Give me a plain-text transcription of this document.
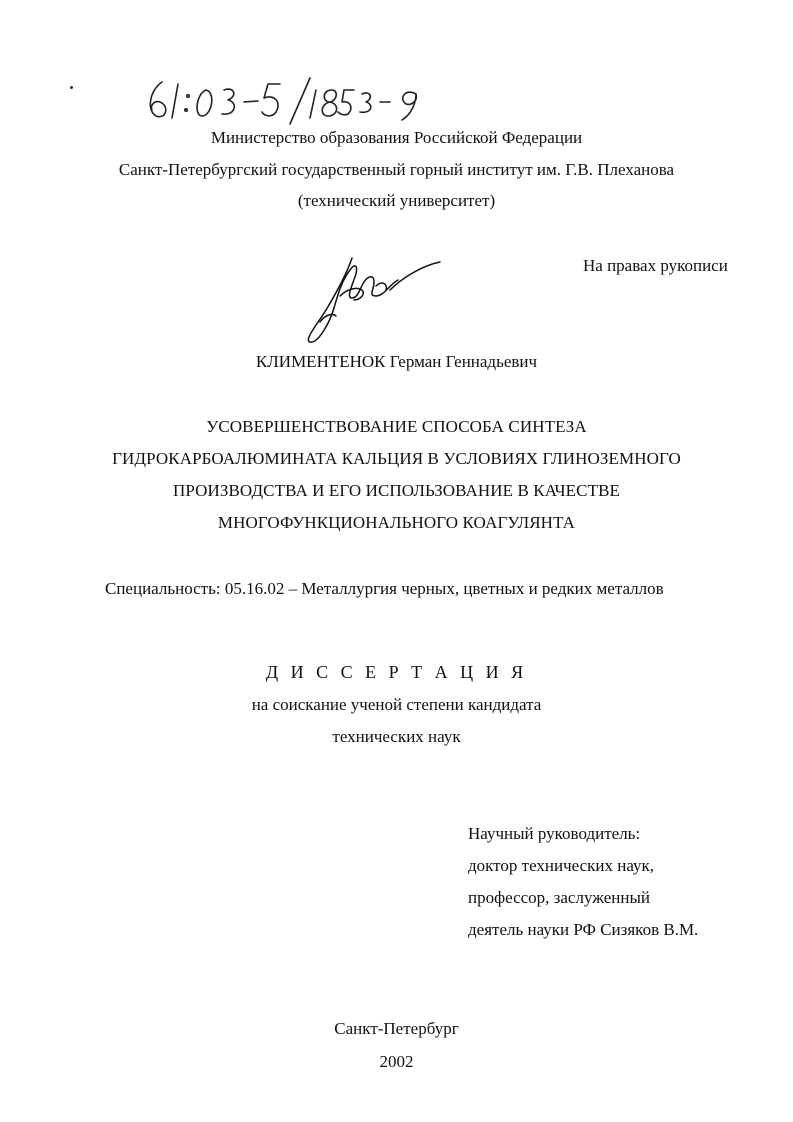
61:03-5/1853-9
Министерство образования Российской Федерации
Санкт-Петербургский государственный горный институт им. Г.В. Плеханова
(технический университет)
На правах рукописи
КЛИМЕНТЕНОК Герман Геннадьевич
УСОВЕРШЕНСТВОВАНИЕ СПОСОБА СИНТЕЗА
ГИДРОКАРБОАЛЮМИНАТА КАЛЬЦИЯ В УСЛОВИЯХ ГЛИНОЗЕМНОГО
ПРОИЗВОДСТВА И ЕГО ИСПОЛЬЗОВАНИЕ В КАЧЕСТВЕ
МНОГОФУНКЦИОНАЛЬНОГО КОАГУЛЯНТА
Специальность: 05.16.02 – Металлургия черных, цветных и редких металлов
Д И С С Е Р Т А Ц И Я
на соискание ученой степени кандидата
технических наук
Научный руководитель:
доктор технических наук,
профессор, заслуженный
деятель науки РФ Сизяков В.М.
Санкт-Петербург
2002
